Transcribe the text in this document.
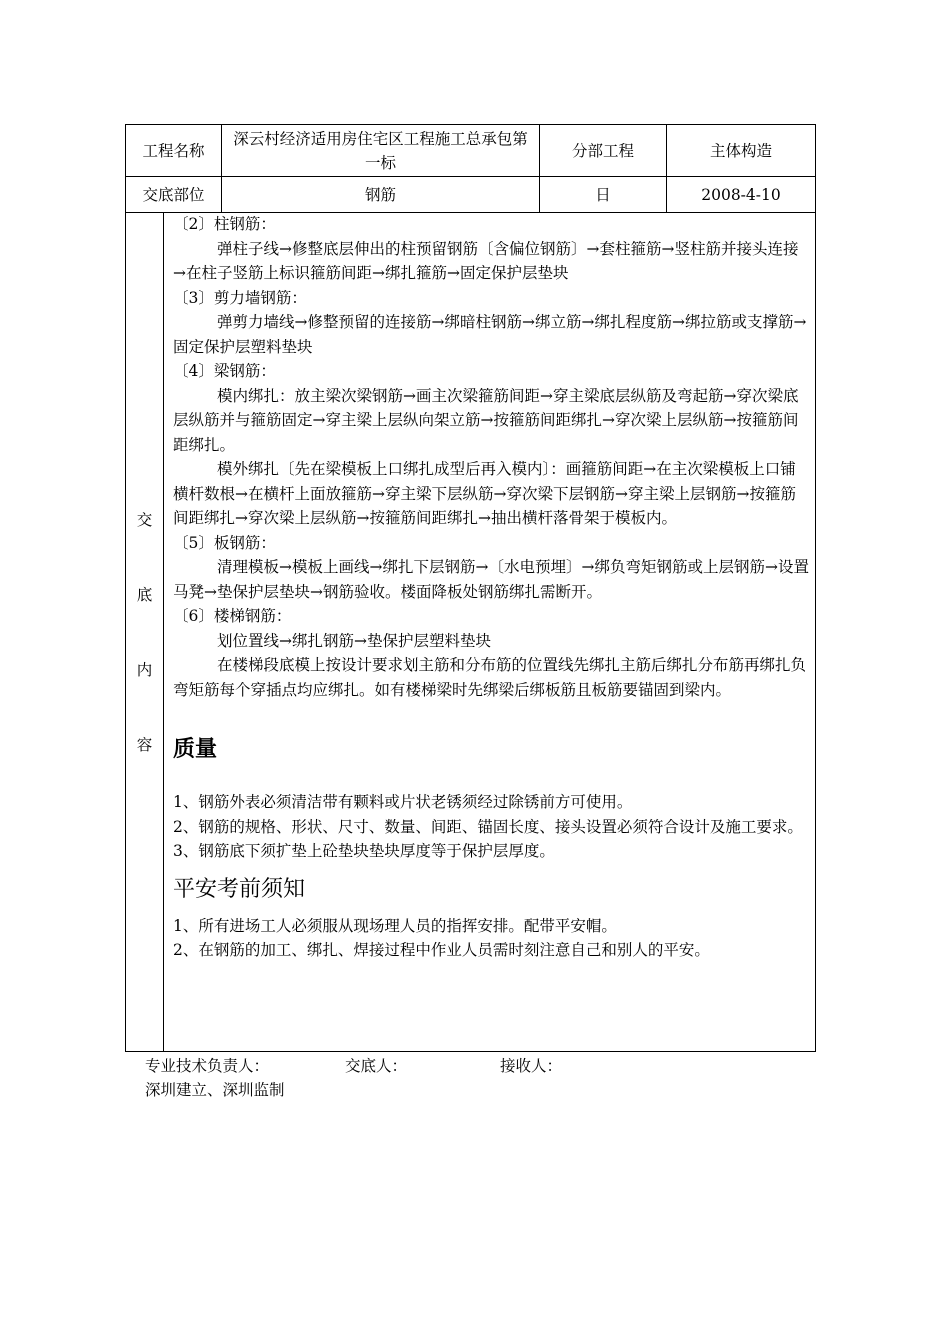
工程名称	深云村经济适用房住宅区工程施工总承包第一标	分部工程	主体构造
交底部位	钢筋	日	2008-4-10
交
底
内
容

〔2〕柱钢筋：

弹柱子线→修整底层伸出的柱预留钢筋〔含偏位钢筋〕→套柱箍筋→竖柱筋并接头连接→在柱子竖筋上标识箍筋间距→绑扎箍筋→固定保护层垫块

〔3〕剪力墙钢筋：

弹剪力墙线→修整预留的连接筋→绑暗柱钢筋→绑立筋→绑扎程度筋→绑拉筋或支撑筋→固定保护层塑料垫块

〔4〕梁钢筋：

模内绑扎：放主梁次梁钢筋→画主次梁箍筋间距→穿主梁底层纵筋及弯起筋→穿次梁底层纵筋并与箍筋固定→穿主梁上层纵向架立筋→按箍筋间距绑扎→穿次梁上层纵筋→按箍筋间距绑扎。

模外绑扎〔先在梁模板上口绑扎成型后再入模内〕：画箍筋间距→在主次梁模板上口铺横杆数根→在横杆上面放箍筋→穿主梁下层纵筋→穿次梁下层钢筋→穿主梁上层钢筋→按箍筋间距绑扎→穿次梁上层纵筋→按箍筋间距绑扎→抽出横杆落骨架于模板内。

〔5〕板钢筋：

清理模板→模板上画线→绑扎下层钢筋→〔水电预埋〕→绑负弯矩钢筋或上层钢筋→设置马凳→垫保护层垫块→钢筋验收。楼面降板处钢筋绑扎需断开。

〔6〕楼梯钢筋：

划位置线→绑扎钢筋→垫保护层塑料垫块

在楼梯段底模上按设计要求划主筋和分布筋的位置线先绑扎主筋后绑扎分布筋再绑扎负弯矩筋每个穿插点均应绑扎。如有楼梯梁时先绑梁后绑板筋且板筋要锚固到梁内。

质量

1、钢筋外表必须清洁带有颗料或片状老锈须经过除锈前方可使用。

2、钢筋的规格、形状、尺寸、数量、间距、锚固长度、接头设置必须符合设计及施工要求。

3、钢筋底下须扩垫上砼垫块垫块厚度等于保护层厚度。

平安考前须知

1、所有进场工人必须服从现场理人员的指挥安排。配带平安帽。

2、在钢筋的加工、绑扎、焊接过程中作业人员需时刻注意自己和别人的平安。

专业技术负责人：	交底人：	接收人：
深圳建立、深圳监制
